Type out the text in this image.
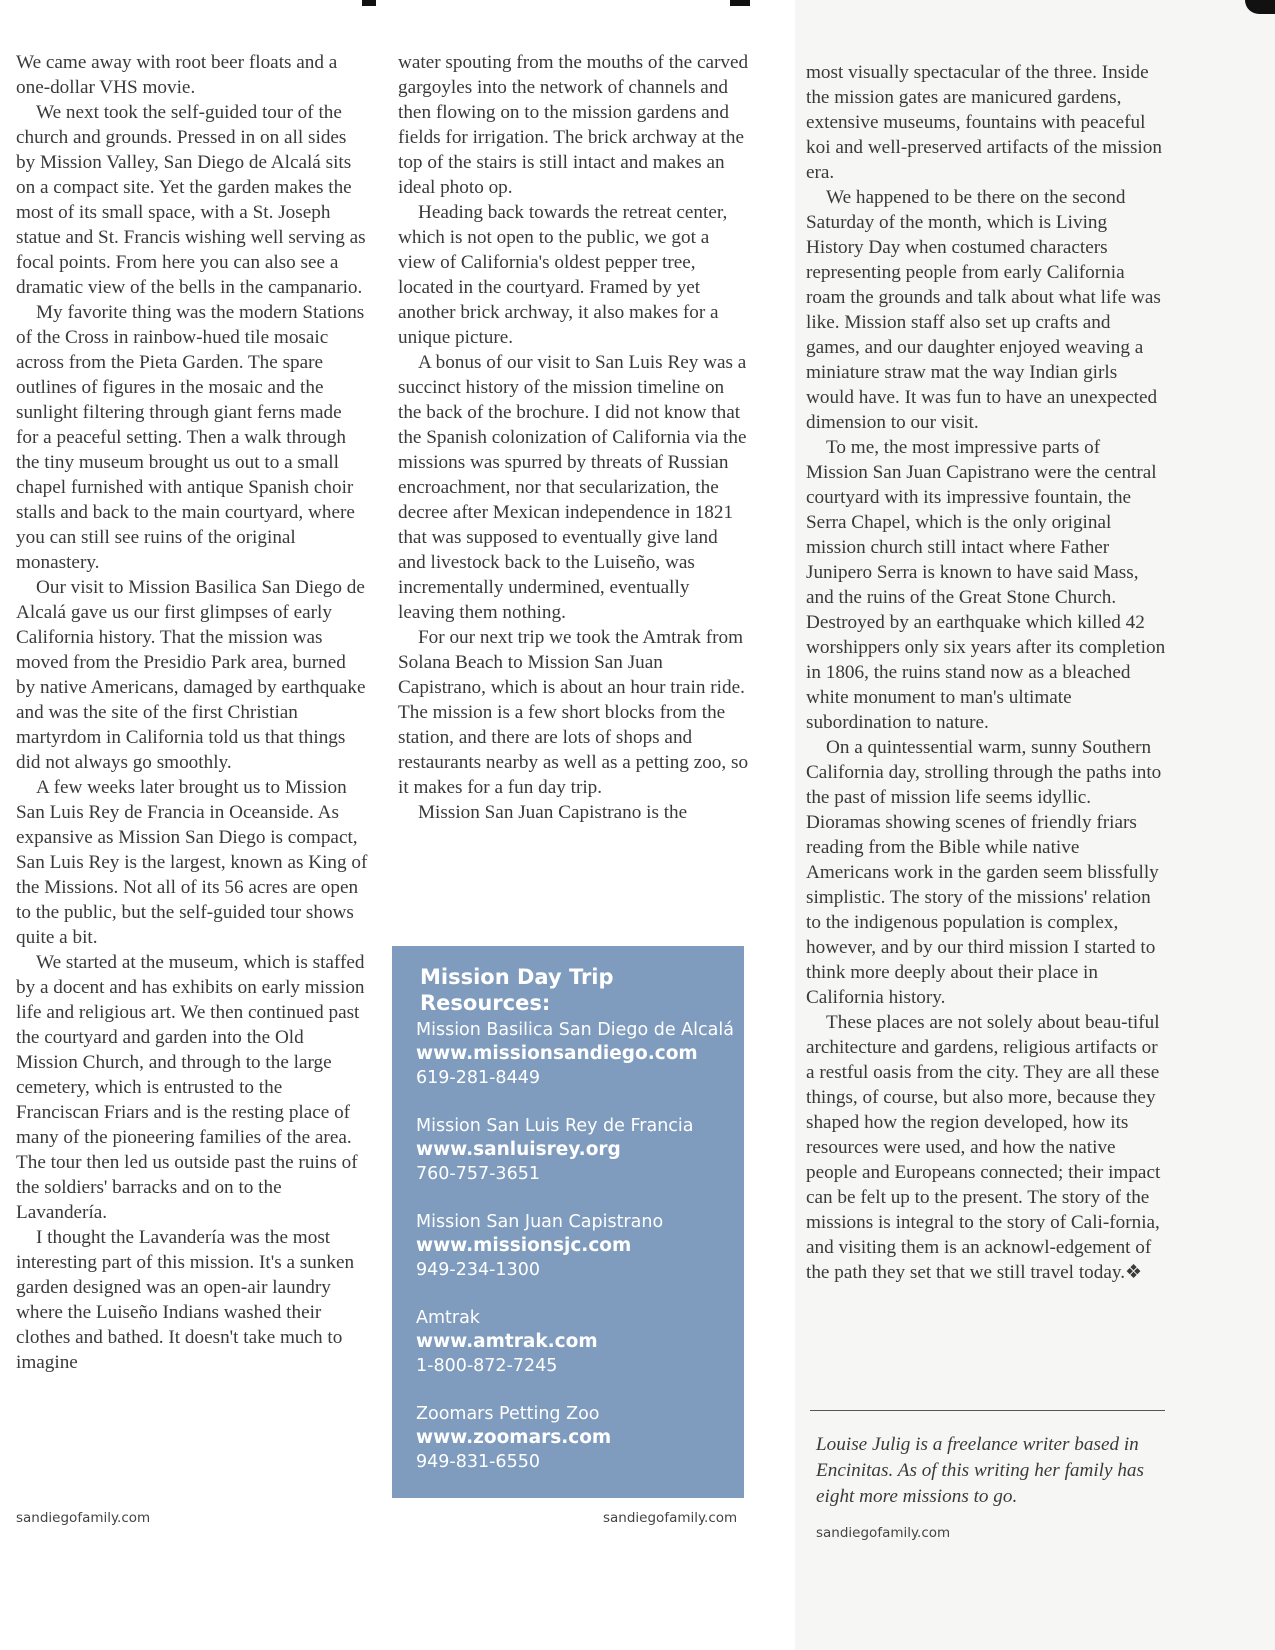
We came away with root beer floats and a one-dollar VHS movie.

We next took the self-guided tour of the church and grounds. Pressed in on all sides by Mission Valley, San Diego de Alcalá sits on a compact site. Yet the garden makes the most of its small space, with a St. Joseph statue and St. Francis wishing well serving as focal points. From here you can also see a dramatic view of the bells in the campanario.

My favorite thing was the modern Stations of the Cross in rainbow-hued tile mosaic across from the Pieta Garden. The spare outlines of figures in the mosaic and the sunlight filtering through giant ferns made for a peaceful setting. Then a walk through the tiny museum brought us out to a small chapel furnished with antique Spanish choir stalls and back to the main courtyard, where you can still see ruins of the original monastery.

Our visit to Mission Basilica San Diego de Alcalá gave us our first glimpses of early California history. That the mission was moved from the Presidio Park area, burned by native Americans, damaged by earthquake and was the site of the first Christian martyrdom in California told us that things did not always go smoothly.

A few weeks later brought us to Mission San Luis Rey de Francia in Oceanside. As expansive as Mission San Diego is compact, San Luis Rey is the largest, known as King of the Missions. Not all of its 56 acres are open to the public, but the self-guided tour shows quite a bit.

We started at the museum, which is staffed by a docent and has exhibits on early mission life and religious art. We then continued past the courtyard and garden into the Old Mission Church, and through to the large cemetery, which is entrusted to the Franciscan Friars and is the resting place of many of the pioneering families of the area. The tour then led us outside past the ruins of the soldiers' barracks and on to the Lavandería.

I thought the Lavandería was the most interesting part of this mission. It's a sunken garden designed was an open-air laundry where the Luiseño Indians washed their clothes and bathed. It doesn't take much to imagine

water spouting from the mouths of the carved gargoyles into the network of channels and then flowing on to the mission gardens and fields for irrigation. The brick archway at the top of the stairs is still intact and makes an ideal photo op.

Heading back towards the retreat center, which is not open to the public, we got a view of California's oldest pepper tree, located in the courtyard. Framed by yet another brick archway, it also makes for a unique picture.

A bonus of our visit to San Luis Rey was a succinct history of the mission timeline on the back of the brochure. I did not know that the Spanish colonization of California via the missions was spurred by threats of Russian encroachment, nor that secularization, the decree after Mexican independence in 1821 that was supposed to eventually give land and livestock back to the Luiseño, was incrementally undermined, eventually leaving them nothing.

For our next trip we took the Amtrak from Solana Beach to Mission San Juan Capistrano, which is about an hour train ride. The mission is a few short blocks from the station, and there are lots of shops and restaurants nearby as well as a petting zoo, so it makes for a fun day trip.

Mission San Juan Capistrano is the

Mission Day Trip Resources:
Mission Basilica San Diego de Alcalá
www.missionsandiego.com
619-281-8449
Mission San Luis Rey de Francia
www.sanluisrey.org
760-757-3651
Mission San Juan Capistrano
www.missionsjc.com
949-234-1300
Amtrak
www.amtrak.com
1-800-872-7245
Zoomars Petting Zoo
www.zoomars.com
949-831-6550

most visually spectacular of the three. Inside the mission gates are manicured gardens, extensive museums, fountains with peaceful koi and well-preserved artifacts of the mission era.

We happened to be there on the second Saturday of the month, which is Living History Day when costumed characters representing people from early California roam the grounds and talk about what life was like. Mission staff also set up crafts and games, and our daughter enjoyed weaving a miniature straw mat the way Indian girls would have. It was fun to have an unexpected dimension to our visit.

To me, the most impressive parts of Mission San Juan Capistrano were the central courtyard with its impressive fountain, the Serra Chapel, which is the only original mission church still intact where Father Junipero Serra is known to have said Mass, and the ruins of the Great Stone Church. Destroyed by an earthquake which killed 42 worshippers only six years after its completion in 1806, the ruins stand now as a bleached white monument to man's ultimate subordination to nature.

On a quintessential warm, sunny Southern California day, strolling through the paths into the past of mission life seems idyllic. Dioramas showing scenes of friendly friars reading from the Bible while native Americans work in the garden seem blissfully simplistic. The story of the missions' relation to the indigenous population is complex, however, and by our third mission I started to think more deeply about their place in California history.

These places are not solely about beau-tiful architecture and gardens, religious artifacts or a restful oasis from the city. They are all these things, of course, but also more, because they shaped how the region developed, how its resources were used, and how the native people and Europeans connected; their impact can be felt up to the present. The story of the missions is integral to the story of Cali-fornia, and visiting them is an acknowl-edgement of the path they set that we still travel today.❖

Louise Julig is a freelance writer based in Encinitas. As of this writing her family has eight more missions to go.
sandiegofamily.com	sandiegofamily.com
sandiegofamily.com
